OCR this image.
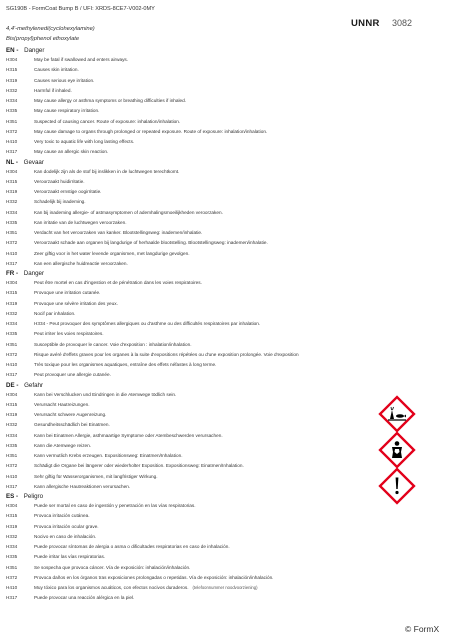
SG190B - FormCoat Bump B / UFI: XRDS-8CE7-V002-0MY
UNNR 3082
4,4'-methylenedi(cyclohexylamine)
Bis(propyl)phenol ethoxylate
EN - Danger
H304	May be fatal if swallowed and enters airways.
H315	Causes skin irritation.
H319	Causes serious eye irritation.
H332	Harmful if inhaled.
H334	May cause allergy or asthma symptoms or breathing difficulties if inhaled.
H335	May cause respiratory irritation.
H351	Suspected of causing cancer. Route of exposure: inhalation/inhalation.
H372	May cause damage to organs through prolonged or repeated exposure. Route of exposure: inhalation/inhalation.
H410	Very toxic to aquatic life with long lasting effects.
H317	May cause an allergic skin reaction.
NL - Gevaar
H304	Kan dodelijk zijn als de stof bij inslikken in de luchtwegen terechtkomt.
H315	Veroorzaakt huidirritatie.
H319	Veroorzaakt ernstige oogirritatie.
H332	Schadelijk bij inademing.
H334	Kan bij inademing allergie- of astmasymptomen of ademhalingsmoeilijkheden veroorzaken.
H335	Kan irritatie van de luchtwegen veroorzaken.
H351	Verdacht van het veroorzaken van kanker. Blootstellingsweg: inademen/inhalatie.
H372	Veroorzaakt schade aan organen bij langdurige of herhaalde blootstelling. Blootstellingsweg: inademen/inhalatie.
H410	Zeer giftig voor in het water levende organismen, met langdurige gevolgen.
H317	Kan een allergische huidreactie veroorzaken.
FR - Danger
H304	Peut être mortel en cas d'ingestion et de pénétration dans les voies respiratoires.
H315	Provoque une irritation cutanée.
H319	Provoque une sévère irritation des yeux.
H332	Nocif par inhalation.
H334	H334 - Peut provoquer des symptômes allergiques ou d'asthme ou des difficultés respiratoires par inhalation.
H335	Peut irriter les voies respiratoires.
H351	Susceptible de provoquer le cancer. Voie d'exposition : inhalation/inhalation.
H372	Risque avéré d'effets graves pour les organes à la suite d'expositions répétées ou d'une exposition prolongée. Voie d'exposition
H410	Très toxique pour les organismes aquatiques, entraîne des effets néfastes à long terme.
H317	Peut provoquer une allergie cutanée.
DE - Gefahr
H304	Kann bei Verschlucken und Eindringen in die Atemwege tödlich sein.
H315	Verursacht Hautreizungen.
H319	Verursacht schwere Augenreizung.
H332	Gesundheitsschädlich bei Einatmen.
H334	Kann bei Einatmen Allergie, asthmaartige Symptome oder Atembeschwerden verursachen.
H335	Kann die Atemwege reizen.
H351	Kann vermutlich Krebs erzeugen. Expositionsweg: Einatmen/Inhalation.
H372	Schädigt die Organe bei längerer oder wiederholter Exposition. Expositionsweg: Einatmen/Inhalation.
H410	Sehr giftig für Wasserorganismen, mit langfristiger Wirkung.
H317	Kann allergische Hautreaktionen verursachen.
ES - Peligro
H304	Puede ser mortal en caso de ingestión y penetración en las vías respiratorias.
H315	Provoca irritación cutánea.
H319	Provoca irritación ocular grave.
H332	Nocivo en caso de inhalación.
H334	Puede provocar síntomas de alergia o asma o dificultades respiratorias en caso de inhalación.
H335	Puede irritar las vías respiratorias.
H351	Se sospecha que provoca cáncer. Vía de exposición: inhalación/inhalación.
H372	Provoca daños en los órganos tras exposiciones prolongadas o repetidas. Vía de exposición: inhalación/inhalación.
H410	Muy tóxico para los organismos acuáticos, con efectos nocivos duraderos. (telefoonnummer noodvoorziening)
H317	Puede provocar una reacción alérgica en la piel.
© FormX
